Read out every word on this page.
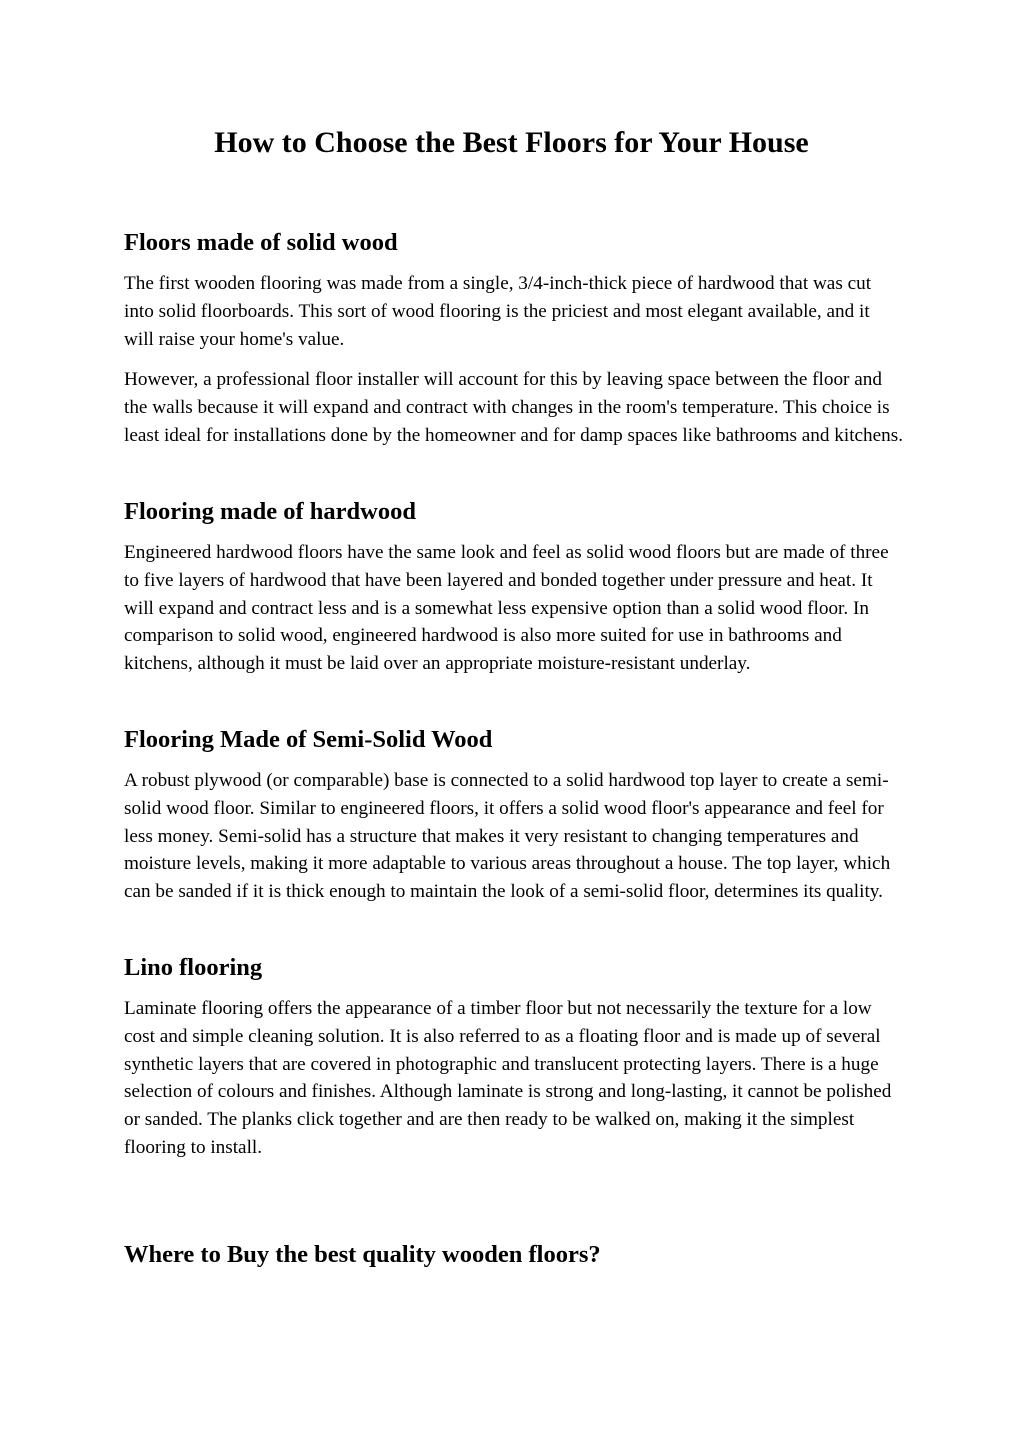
How to Choose the Best Floors for Your House
Floors made of solid wood

The first wooden flooring was made from a single, 3/4-inch-thick piece of hardwood that was cut into solid floorboards. This sort of wood flooring is the priciest and most elegant available, and it will raise your home's value.

However, a professional floor installer will account for this by leaving space between the floor and the walls because it will expand and contract with changes in the room's temperature. This choice is least ideal for installations done by the homeowner and for damp spaces like bathrooms and kitchens.

Flooring made of hardwood

Engineered hardwood floors have the same look and feel as solid wood floors but are made of three to five layers of hardwood that have been layered and bonded together under pressure and heat. It will expand and contract less and is a somewhat less expensive option than a solid wood floor. In comparison to solid wood, engineered hardwood is also more suited for use in bathrooms and kitchens, although it must be laid over an appropriate moisture-resistant underlay.

Flooring Made of Semi-Solid Wood

A robust plywood (or comparable) base is connected to a solid hardwood top layer to create a semi-solid wood floor. Similar to engineered floors, it offers a solid wood floor's appearance and feel for less money. Semi-solid has a structure that makes it very resistant to changing temperatures and moisture levels, making it more adaptable to various areas throughout a house. The top layer, which can be sanded if it is thick enough to maintain the look of a semi-solid floor, determines its quality.

Lino flooring

Laminate flooring offers the appearance of a timber floor but not necessarily the texture for a low cost and simple cleaning solution. It is also referred to as a floating floor and is made up of several synthetic layers that are covered in photographic and translucent protecting layers. There is a huge selection of colours and finishes. Although laminate is strong and long-lasting, it cannot be polished or sanded. The planks click together and are then ready to be walked on, making it the simplest flooring to install.

Where to Buy the best quality wooden floors?
